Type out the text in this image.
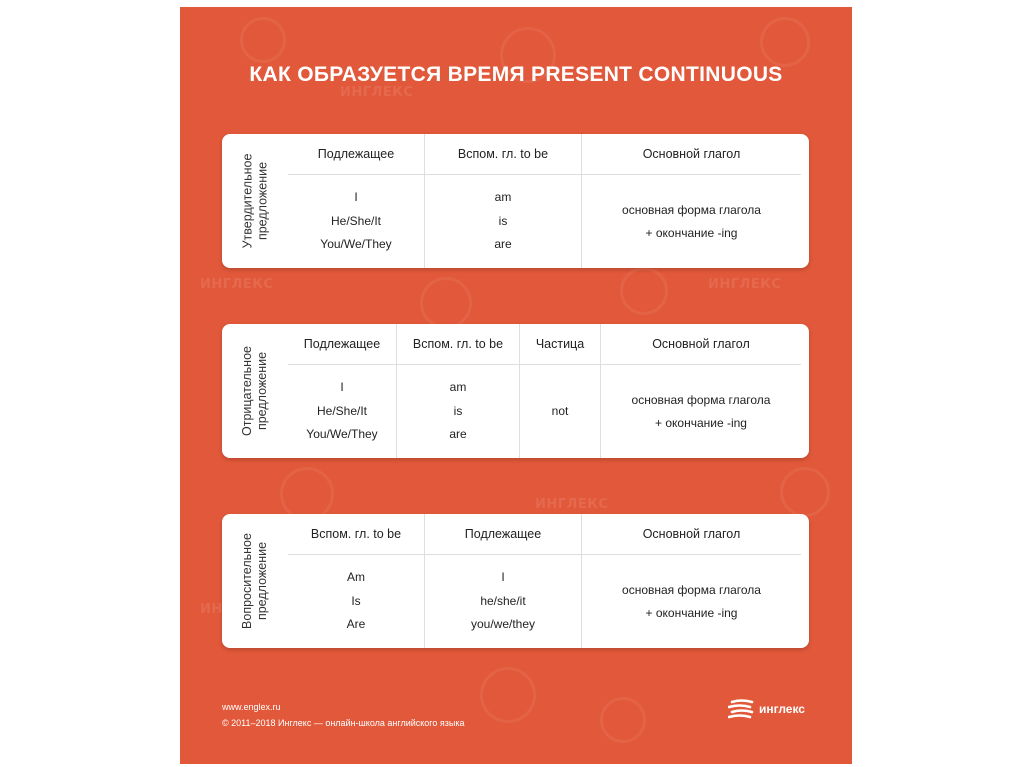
ИНГЛЕКС
ИНГЛЕКС	ИНГЛЕКС
ИНГЛЕКС
КАК ОБРАЗУЕТСЯ ВРЕМЯ PRESENT CONTINUOUS
Утвердительное предложение
Подлежащее
I
He/She/It
You/We/They
Вспом. гл. to be
am
is
are
Основной глагол
основная форма глагола
+ окончание -ing
Отрицательное предложение
Подлежащее
I
He/She/It
You/We/They
Вспом. гл. to be
am
is
are
Частица
not
Основной глагол
основная форма глагола
+ окончание -ing
Вопросительное предложение
Вспом. гл. to be
Am
Is
Are
Подлежащее
I
he/she/it
you/we/they
Основной глагол
основная форма глагола
+ окончание -ing
www.englex.ru
© 2011–2018 Инглекс — онлайн-школа английского языка
инглекс
